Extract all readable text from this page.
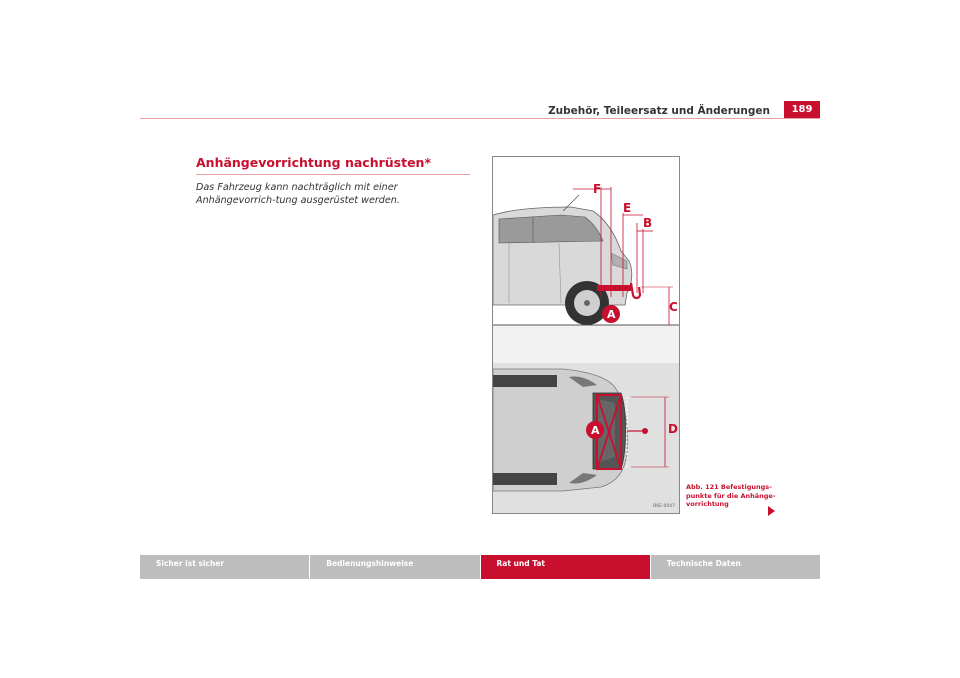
Zubehör, Teileersatz und Änderungen	189
Anhängevorrichtung nachrüsten*
Das Fahrzeug kann nachträglich mit einer Anhängevorrich-tung ausgerüstet werden.
F
E
B
C
A
A	D
B6E-0047
Abb. 121 Befestigungs-punkte für die Anhänge-vorrichtung
Sicher ist sicher	Bedienungshinweise	Rat und Tat	Technische Daten
